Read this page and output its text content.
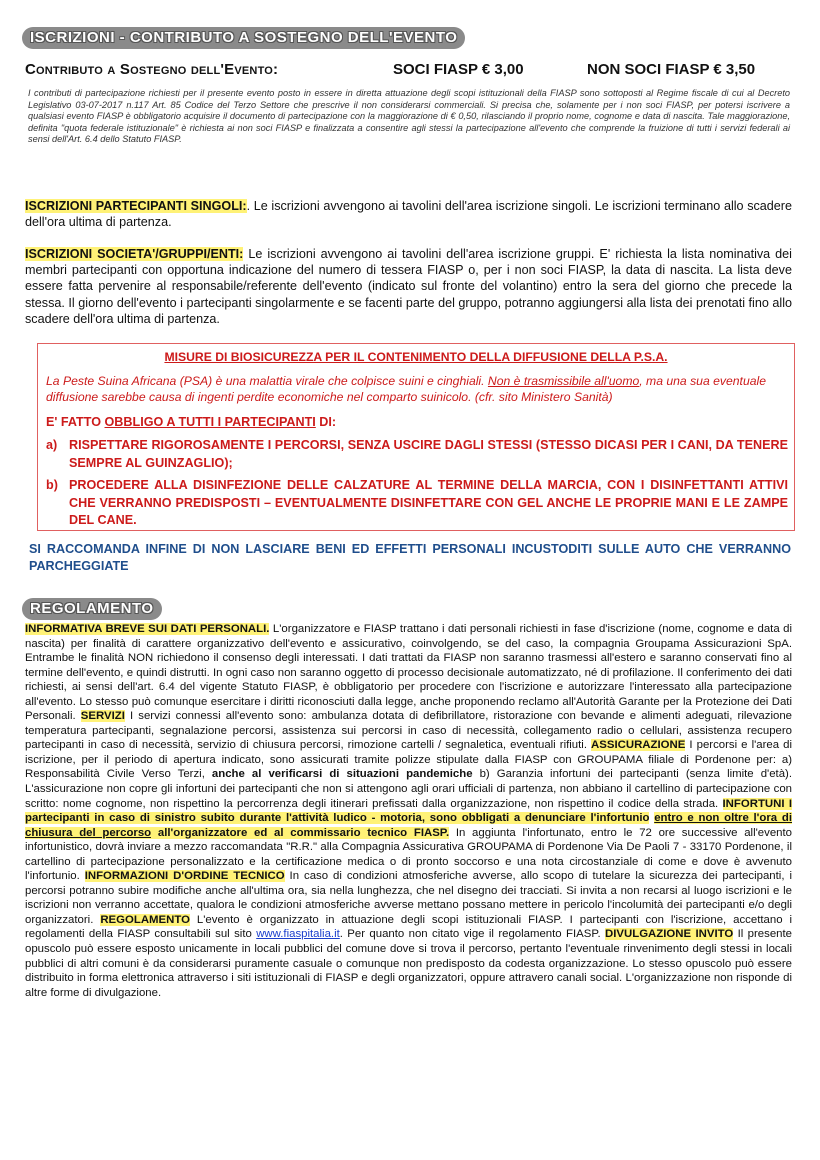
ISCRIZIONI - CONTRIBUTO A SOSTEGNO DELL'EVENTO
Contributo a Sostegno dell'Evento:	SOCI FIASP € 3,00	NON SOCI FIASP € 3,50
I contributi di partecipazione richiesti per il presente evento posto in essere in diretta attuazione degli scopi istituzionali della FIASP sono sottoposti al Regime fiscale di cui al Decreto Legislativo 03-07-2017 n.117 Art. 85 Codice del Terzo Settore che prescrive il non considerarsi commerciali. Si precisa che, solamente per i non soci FIASP, per potersi iscrivere a qualsiasi evento FIASP è obbligatorio acquisire il documento di partecipazione con la maggiorazione di € 0,50, rilasciando il proprio nome, cognome e data di nascita. Tale maggiorazione, definita "quota federale istituzionale" è richiesta ai non soci FIASP e finalizzata a consentire agli stessi la partecipazione all'evento che comprende la fruizione di tutti i servizi federali ai sensi dell'Art. 6.4 dello Statuto FIASP.
ISCRIZIONI PARTECIPANTI SINGOLI:. Le iscrizioni avvengono ai tavolini dell'area iscrizione singoli. Le iscrizioni terminano allo scadere dell'ora ultima di partenza.
ISCRIZIONI SOCIETA'/GRUPPI/ENTI: Le iscrizioni avvengono ai tavolini dell'area iscrizione gruppi. E' richiesta la lista nominativa dei membri partecipanti con opportuna indicazione del numero di tessera FIASP o, per i non soci FIASP, la data di nascita. La lista deve essere fatta pervenire al responsabile/referente dell'evento (indicato sul fronte del volantino) entro la sera del giorno che precede la stessa. Il giorno dell'evento i partecipanti singolarmente e se facenti parte del gruppo, potranno aggiungersi alla lista dei prenotati fino allo scadere dell'ora ultima di partenza.
MISURE DI BIOSICUREZZA PER IL CONTENIMENTO DELLA DIFFUSIONE DELLA P.S.A.
La Peste Suina Africana (PSA) è una malattia virale che colpisce suini e cinghiali. Non è trasmissibile all'uomo, ma una sua eventuale diffusione sarebbe causa di ingenti perdite economiche nel comparto suinicolo. (cfr. sito Ministero Sanità)
E' FATTO OBBLIGO A TUTTI I PARTECIPANTI DI:
a) RISPETTARE RIGOROSAMENTE I PERCORSI, SENZA USCIRE DAGLI STESSI (STESSO DICASI PER I CANI, DA TENERE SEMPRE AL GUINZAGLIO);
b) PROCEDERE ALLA DISINFEZIONE DELLE CALZATURE AL TERMINE DELLA MARCIA, CON I DISINFETTANTI ATTIVI CHE VERRANNO PREDISPOSTI – EVENTUALMENTE DISINFETTARE CON GEL ANCHE LE PROPRIE MANI E LE ZAMPE DEL CANE.
SI RACCOMANDA INFINE DI NON LASCIARE BENI ED EFFETTI PERSONALI INCUSTODITI SULLE AUTO CHE VERRANNO PARCHEGGIATE
REGOLAMENTO
INFORMATIVA BREVE SUI DATI PERSONALI. L'organizzatore e FIASP trattano i dati personali richiesti in fase d'iscrizione (nome, cognome e data di nascita) per finalità di carattere organizzativo dell'evento e assicurativo, coinvolgendo, se del caso, la compagnia Groupama Assicurazioni SpA. Entrambe le finalità NON richiedono il consenso degli interessati. I dati trattati da FIASP non saranno trasmessi all'estero e saranno conservati fino al termine dell'evento, e quindi distrutti. In ogni caso non saranno oggetto di processo decisionale automatizzato, né di profilazione. Il conferimento dei dati richiesti, ai sensi dell'art. 6.4 del vigente Statuto FIASP, è obbligatorio per procedere con l'iscrizione e autorizzare l'interessato alla partecipazione all'evento. Lo stesso può comunque esercitare i diritti riconosciuti dalla legge, anche proponendo reclamo all'Autorità Garante per la Protezione dei Dati Personali. SERVIZI I servizi connessi all'evento sono: ambulanza dotata di defibrillatore, ristorazione con bevande e alimenti adeguati, rilevazione temperatura partecipanti, segnalazione percorsi, assistenza sui percorsi in caso di necessità, collegamento radio o cellulari, assistenza recupero partecipanti in caso di necessità, servizio di chiusura percorsi, rimozione cartelli / segnaletica, eventuali rifiuti. ASSICURAZIONE I percorsi e l'area di iscrizione, per il periodo di apertura indicato, sono assicurati tramite polizze stipulate dalla FIASP con GROUPAMA filiale di Pordenone per: a) Responsabilità Civile Verso Terzi, anche al verificarsi di situazioni pandemiche b) Garanzia infortuni dei partecipanti (senza limite d'età). L'assicurazione non copre gli infortuni dei partecipanti che non si attengono agli orari ufficiali di partenza, non abbiano il cartellino di partecipazione con scritto: nome cognome, non rispettino la percorrenza degli itinerari prefissati dalla organizzazione, non rispettino il codice della strada. INFORTUNI I partecipanti in caso di sinistro subito durante l'attività ludico - motoria, sono obbligati a denunciare l'infortunio entro e non oltre l'ora di chiusura del percorso all'organizzatore ed al commissario tecnico FIASP. In aggiunta l'infortunato, entro le 72 ore successive all'evento infortunistico, dovrà inviare a mezzo raccomandata "R.R." alla Compagnia Assicurativa GROUPAMA di Pordenone Via De Paoli 7 - 33170 Pordenone, il cartellino di partecipazione personalizzato e la certificazione medica o di pronto soccorso e una nota circostanziale di come e dove è avvenuto l'infortunio. INFORMAZIONI D'ORDINE TECNICO In caso di condizioni atmosferiche avverse, allo scopo di tutelare la sicurezza dei partecipanti, i percorsi potranno subire modifiche anche all'ultima ora, sia nella lunghezza, che nel disegno dei tracciati. Si invita a non recarsi al luogo iscrizioni e le iscrizioni non verranno accettate, qualora le condizioni atmosferiche avverse mettano possano mettere in pericolo l'incolumità dei partecipanti e/o degli organizzatori. REGOLAMENTO L'evento è organizzato in attuazione degli scopi istituzionali FIASP. I partecipanti con l'iscrizione, accettano i regolamenti della FIASP consultabili sul sito www.fiaspitalia.it. Per quanto non citato vige il regolamento FIASP. DIVULGAZIONE INVITO Il presente opuscolo può essere esposto unicamente in locali pubblici del comune dove si trova il percorso, pertanto l'eventuale rinvenimento degli stessi in locali pubblici di altri comuni è da considerarsi puramente casuale o comunque non predisposto da codesta organizzazione. Lo stesso opuscolo può essere distribuito in forma elettronica attraverso i siti istituzionali di FIASP e degli organizzatori, oppure attravero canali social. L'organizzazione non risponde di altre forme di divulgazione.
